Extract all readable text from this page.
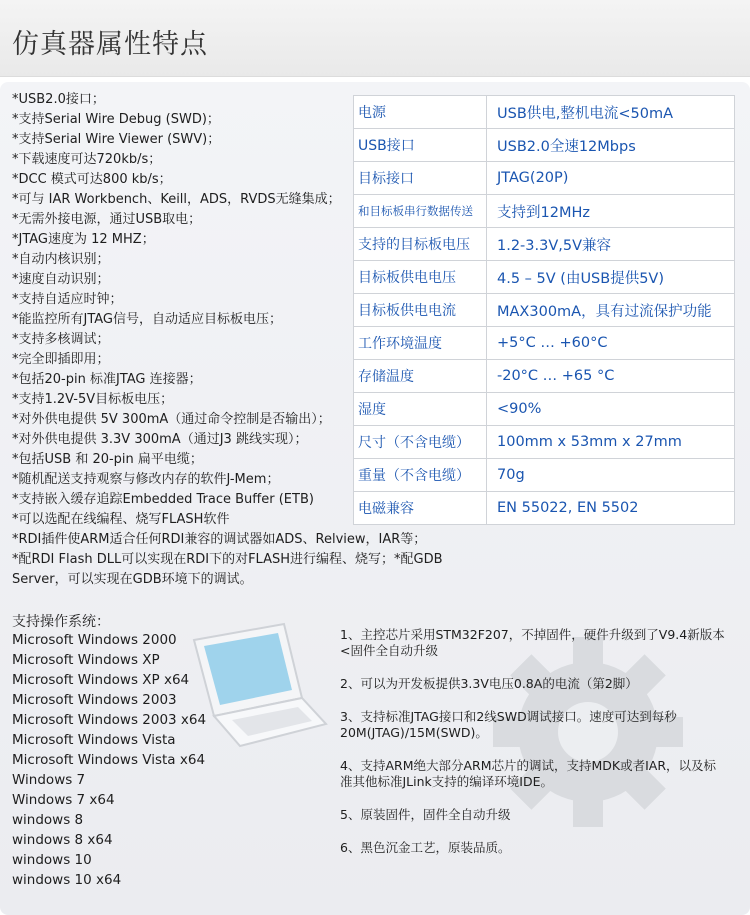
仿真器属性特点
*USB2.0接口；
*支持Serial Wire Debug (SWD)；
*支持Serial Wire Viewer (SWV)；
*下载速度可达720kb/s；
*DCC 模式可达800 kb/s；
*可与 IAR Workbench、Keill，ADS，RVDS无缝集成；
*无需外接电源，通过USB取电；
*JTAG速度为 12 MHZ；
*自动内核识别；
*速度自动识别；
*支持自适应时钟；
*能监控所有JTAG信号，自动适应目标板电压；
*支持多核调试；
*完全即插即用；
*包括20-pin 标准JTAG 连接器；
*支持1.2V-5V目标板电压；
*对外供电提供 5V 300mA（通过命令控制是否输出）；
*对外供电提供 3.3V 300mA（通过J3 跳线实现）；
*包括USB 和 20-pin 扁平电缆；
*随机配送支持观察与修改内存的软件J-Mem；
*支持嵌入缓存追踪Embedded Trace Buffer (ETB)
*可以选配在线编程、烧写FLASH软件
*RDI插件使ARM适合任何RDI兼容的调试器如ADS、Relview，IAR等；
*配RDI Flash DLL可以实现在RDI下的对FLASH进行编程、烧写；*配GDB Server，可以实现在GDB环境下的调试。
电源	USB供电,整机电流<50mA
USB接口	USB2.0全速12Mbps
目标接口	JTAG(20P)
和目标板串行数据传送	支持到12MHz
支持的目标板电压	1.2-3.3V,5V兼容
目标板供电电压	4.5 – 5V (由USB提供5V)
目标板供电电流	MAX300mA，具有过流保护功能
工作环境温度	+5°C … +60°C
存储温度	-20°C … +65 °C
湿度	<90%
尺寸（不含电缆）	100mm x 53mm x 27mm
重量（不含电缆）	70g
电磁兼容	EN 55022, EN 5502
支持操作系统：
Microsoft Windows 2000
Microsoft Windows XP
Microsoft Windows XP x64
Microsoft Windows 2003
Microsoft Windows 2003 x64
Microsoft Windows Vista
Microsoft Windows Vista x64
Windows 7
Windows 7 x64
windows 8
windows 8 x64
windows 10
windows 10 x64
1、主控芯片采用STM32F207，不掉固件，硬件升级到了V9.4新版本<固件全自动升级
2、可以为开发板提供3.3V电压0.8A的电流（第2脚）
3、支持标准JTAG接口和2线SWD调试接口。速度可达到每秒20M(JTAG)/15M(SWD)。
4、支持ARM绝大部分ARM芯片的调试，支持MDK或者IAR，以及标准其他标准JLink支持的编译环境IDE。
5、原装固件，固件全自动升级
6、黑色沉金工艺，原装品质。
